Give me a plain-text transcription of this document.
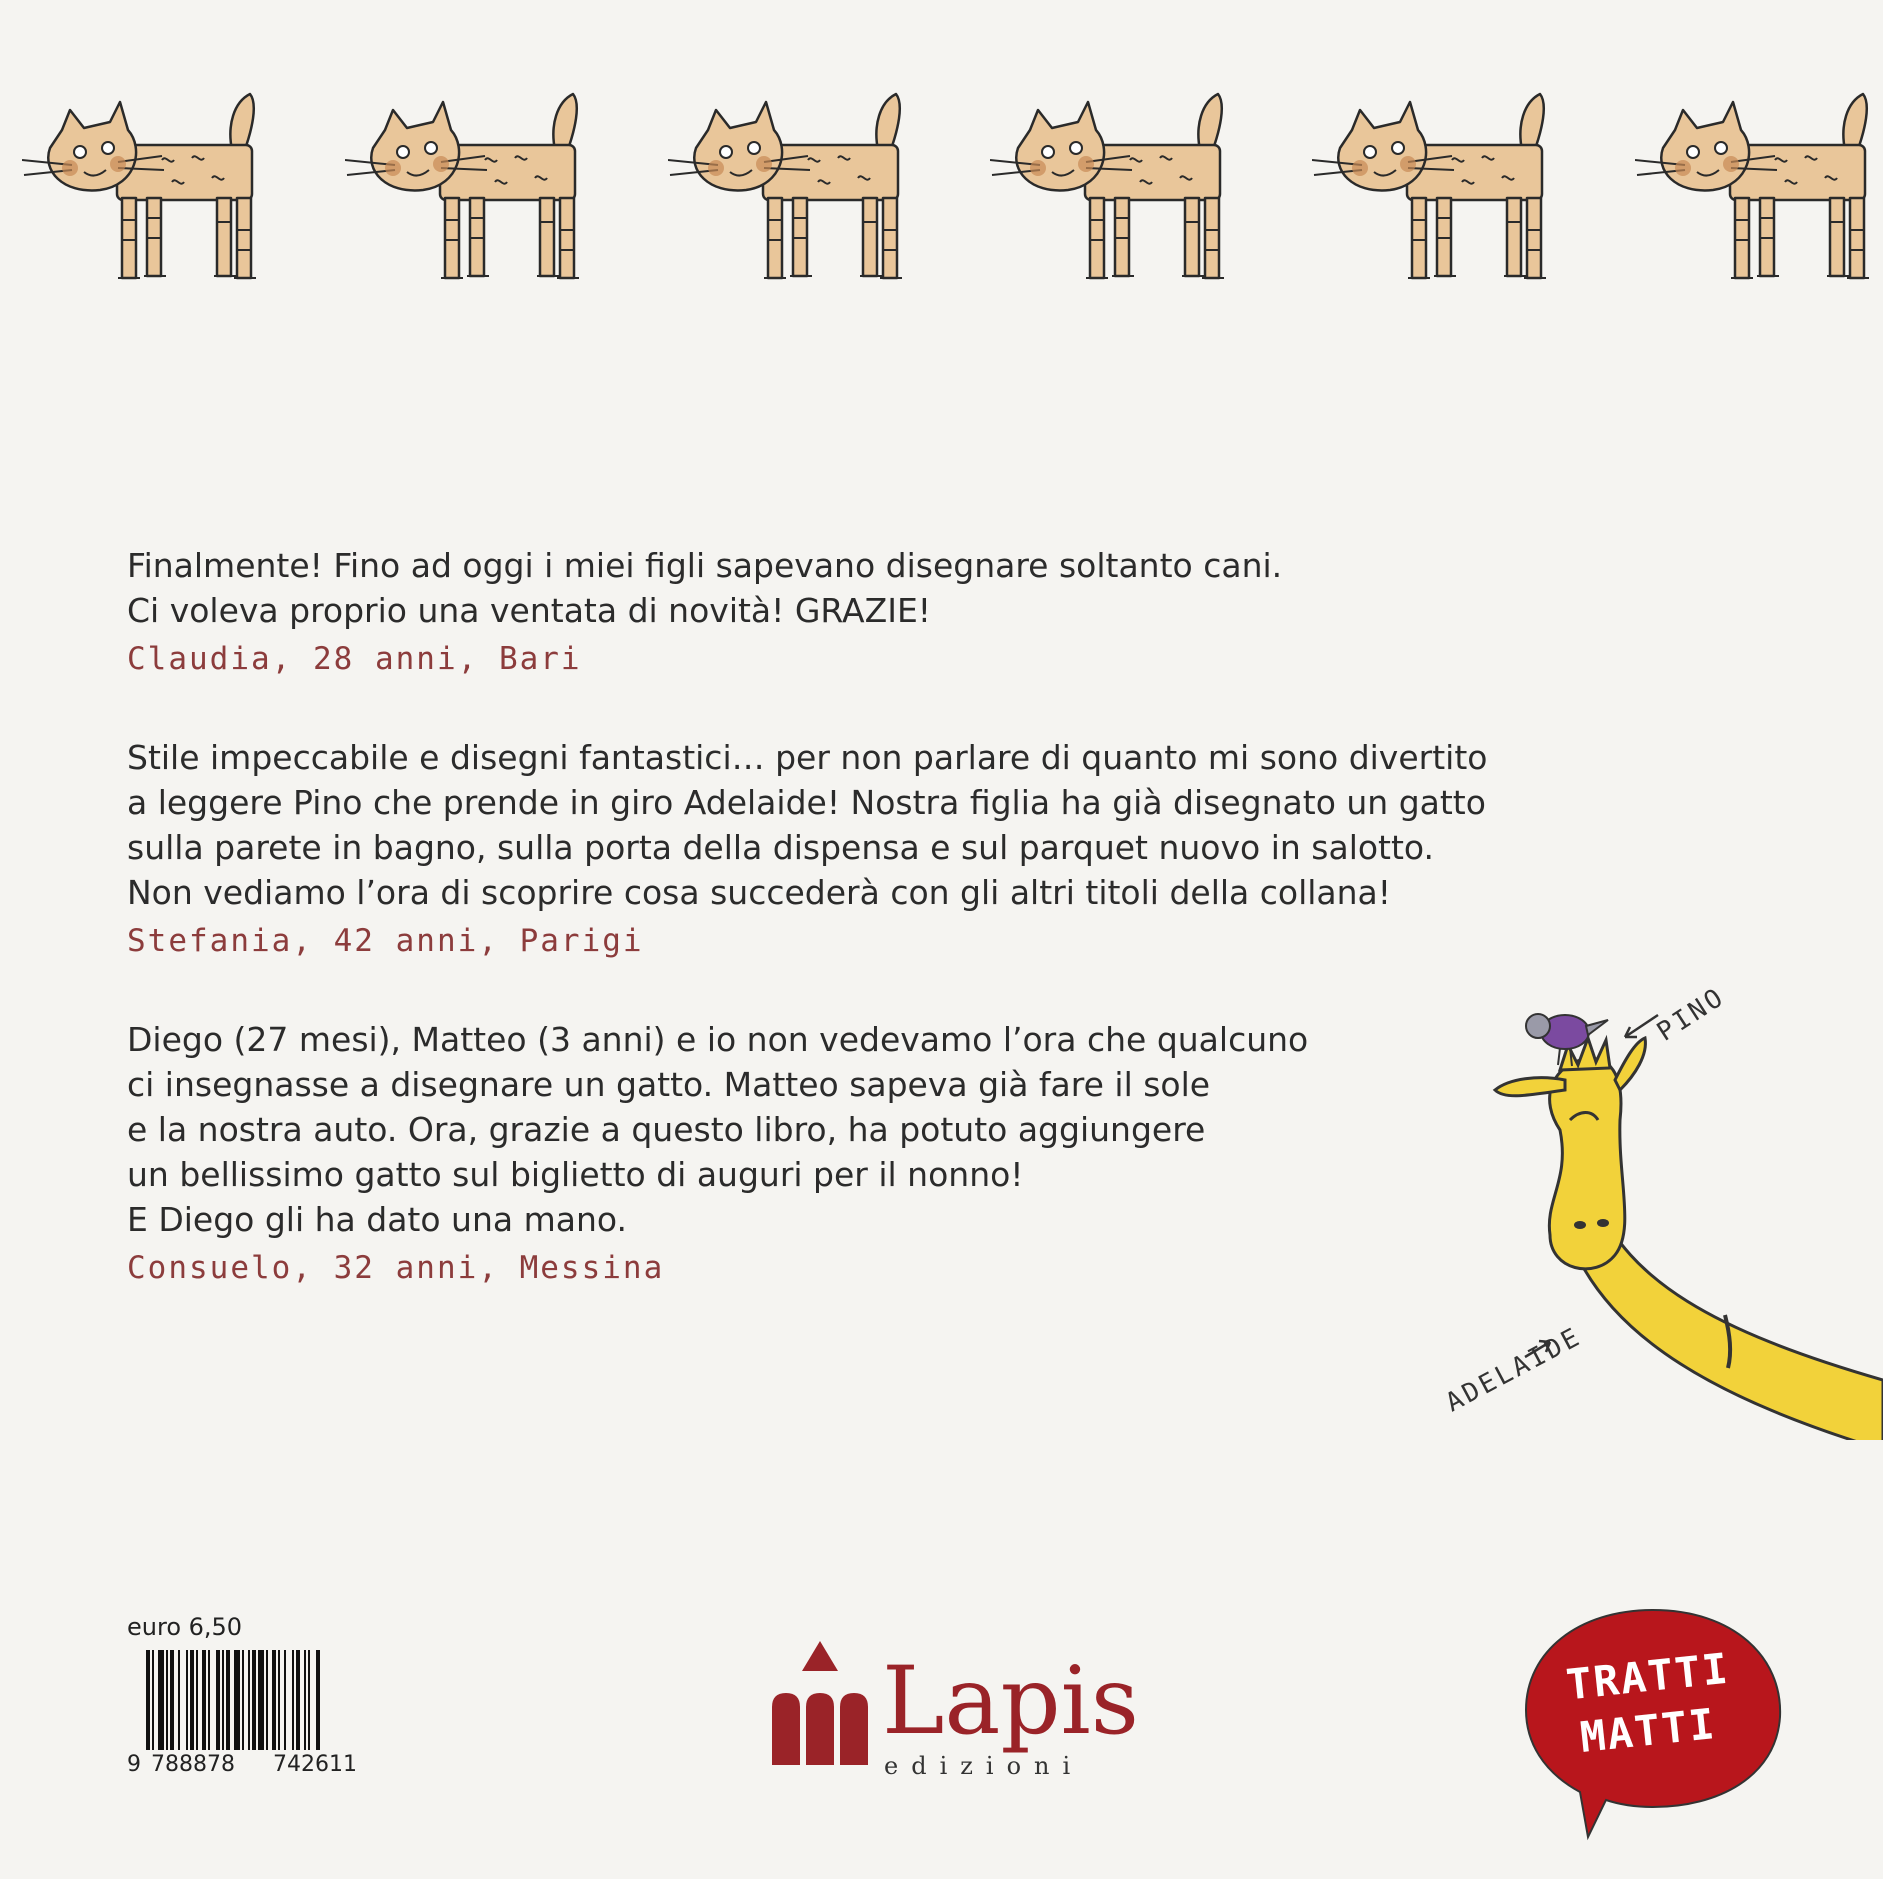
Finalmente! Fino ad oggi i miei figli sapevano disegnare soltanto cani.
Ci voleva proprio una ventata di novità! GRAZIE!
Claudia, 28 anni, Bari
Stile impeccabile e disegni fantastici… per non parlare di quanto mi sono divertito
a leggere Pino che prende in giro Adelaide! Nostra figlia ha già disegnato un gatto
sulla parete in bagno, sulla porta della dispensa e sul parquet nuovo in salotto.
Non vediamo l’ora di scoprire cosa succederà con gli altri titoli della collana!
Stefania, 42 anni, Parigi
Diego (27 mesi), Matteo (3 anni) e io non vedevamo l’ora che qualcuno
ci insegnasse a disegnare un gatto. Matteo sapeva già fare il sole
e la nostra auto. Ora, grazie a questo libro, ha potuto aggiungere
un bellissimo gatto sul biglietto di auguri per il nonno!
E Diego gli ha dato una mano.
Consuelo, 32 anni, Messina
PINO
ADELAIDE
euro 6,50
9 788878 742611
Lapis
edizioni
TRATTI
MATTI
